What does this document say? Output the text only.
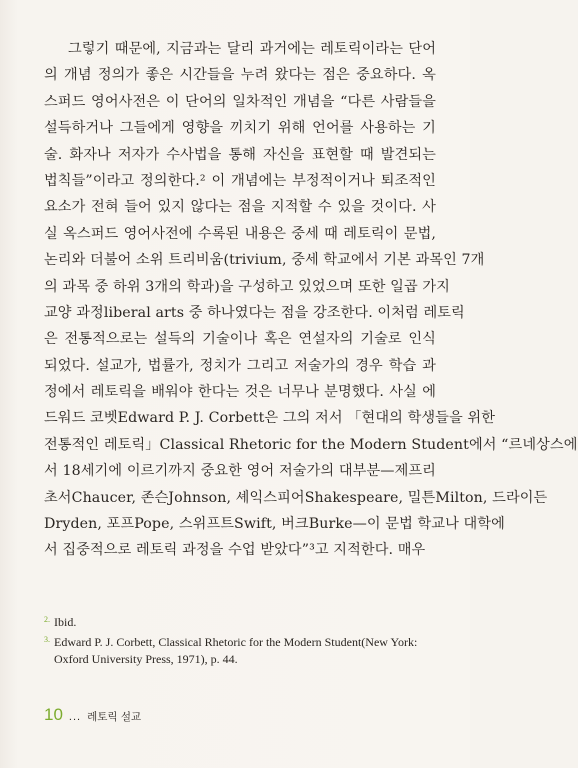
그렇기 때문에, 지금과는 달리 과거에는 레토릭이라는 단어
의 개념 정의가 좋은 시간들을 누려 왔다는 점은 중요하다. 옥
스퍼드 영어사전은 이 단어의 일차적인 개념을 “다른 사람들을
설득하거나 그들에게 영향을 끼치기 위해 언어를 사용하는 기
술. 화자나 저자가 수사법을 통해 자신을 표현할 때 발견되는
법칙들”이라고 정의한다.² 이 개념에는 부정적이거나 퇴조적인
요소가 전혀 들어 있지 않다는 점을 지적할 수 있을 것이다. 사
실 옥스퍼드 영어사전에 수록된 내용은 중세 때 레토릭이 문법,
논리와 더불어 소위 트리비움(trivium, 중세 학교에서 기본 과목인 7개
의 과목 중 하위 3개의 학과)을 구성하고 있었으며 또한 일곱 가지
교양 과정liberal arts 중 하나였다는 점을 강조한다. 이처럼 레토릭
은 전통적으로는 설득의 기술이나 혹은 연설자의 기술로 인식
되었다. 설교가, 법률가, 정치가 그리고 저술가의 경우 학습 과
정에서 레토릭을 배워야 한다는 것은 너무나 분명했다. 사실 에
드워드 코벳Edward P. J. Corbett은 그의 저서 「현대의 학생들을 위한
전통적인 레토릭」Classical Rhetoric for the Modern Student에서 “르네상스에
서 18세기에 이르기까지 중요한 영어 저술가의 대부분—제프리
초서Chaucer, 존슨Johnson, 셰익스피어Shakespeare, 밀튼Milton, 드라이든
Dryden, 포프Pope, 스위프트Swift, 버크Burke—이 문법 학교나 대학에
서 집중적으로 레토릭 과정을 수업 받았다”³고 지적한다. 매우
2. Ibid.
3. Edward P. J. Corbett, Classical Rhetoric for the Modern Student(New York:
Oxford University Press, 1971), p. 44.
10 ... 레토릭 설교
